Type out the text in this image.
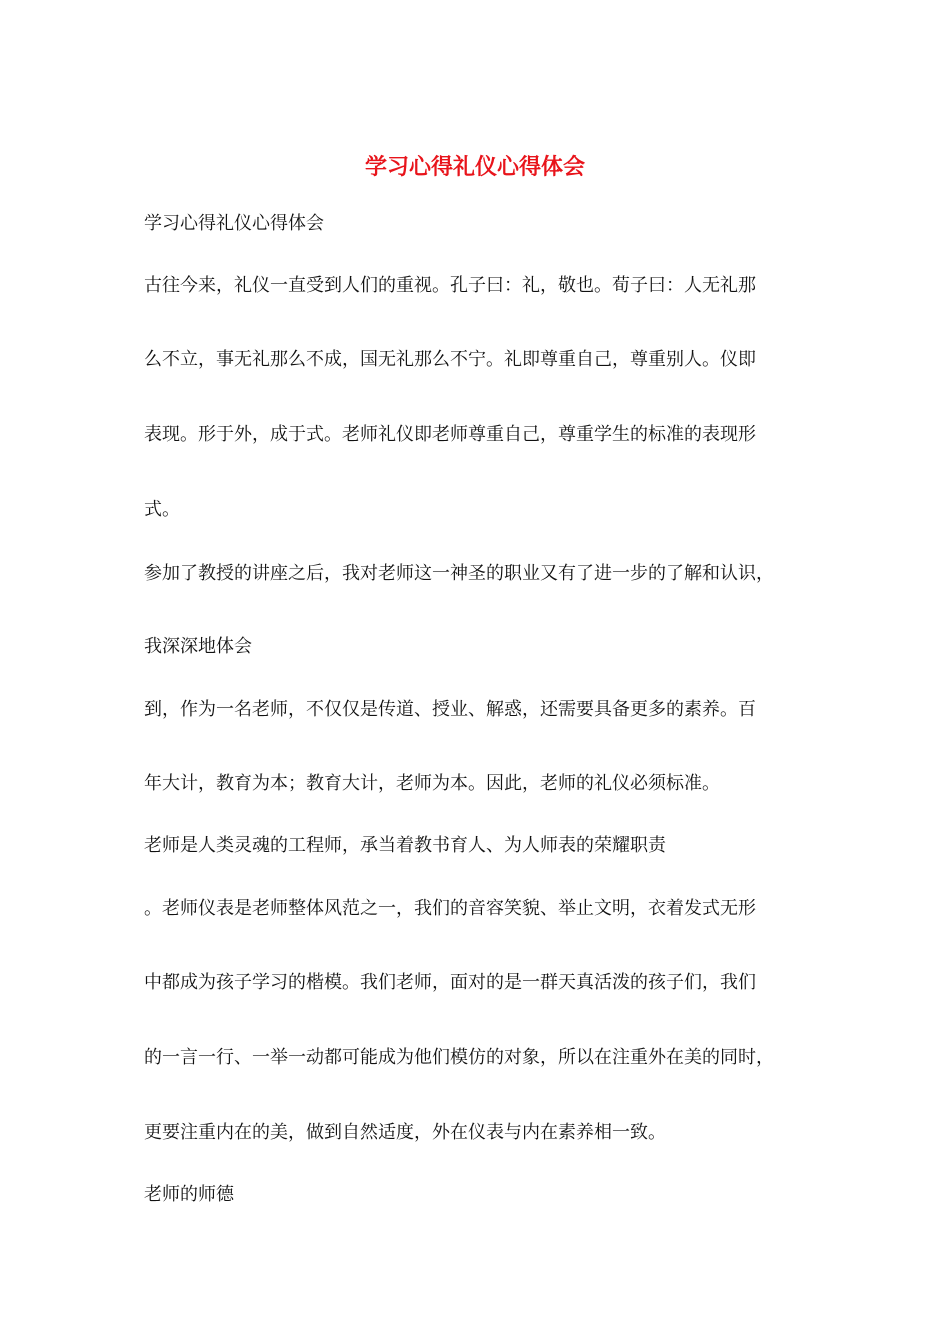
学习心得礼仪心得体会
学习心得礼仪心得体会
古往今来，礼仪一直受到人们的重视。孔子曰：礼，敬也。荀子曰：人无礼那
么不立，事无礼那么不成，国无礼那么不宁。礼即尊重自己，尊重别人。仪即
表现。形于外，成于式。老师礼仪即老师尊重自己，尊重学生的标准的表现形
式。
参加了教授的讲座之后，我对老师这一神圣的职业又有了进一步的了解和认识，
我深深地体会
到，作为一名老师，不仅仅是传道、授业、解惑，还需要具备更多的素养。百
年大计，教育为本；教育大计，老师为本。因此，老师的礼仪必须标准。
老师是人类灵魂的工程师，承当着教书育人、为人师表的荣耀职责
。老师仪表是老师整体风范之一，我们的音容笑貌、举止文明，衣着发式无形
中都成为孩子学习的楷模。我们老师，面对的是一群天真活泼的孩子们，我们
的一言一行、一举一动都可能成为他们模仿的对象，所以在注重外在美的同时，
更要注重内在的美，做到自然适度，外在仪表与内在素养相一致。
老师的师德
